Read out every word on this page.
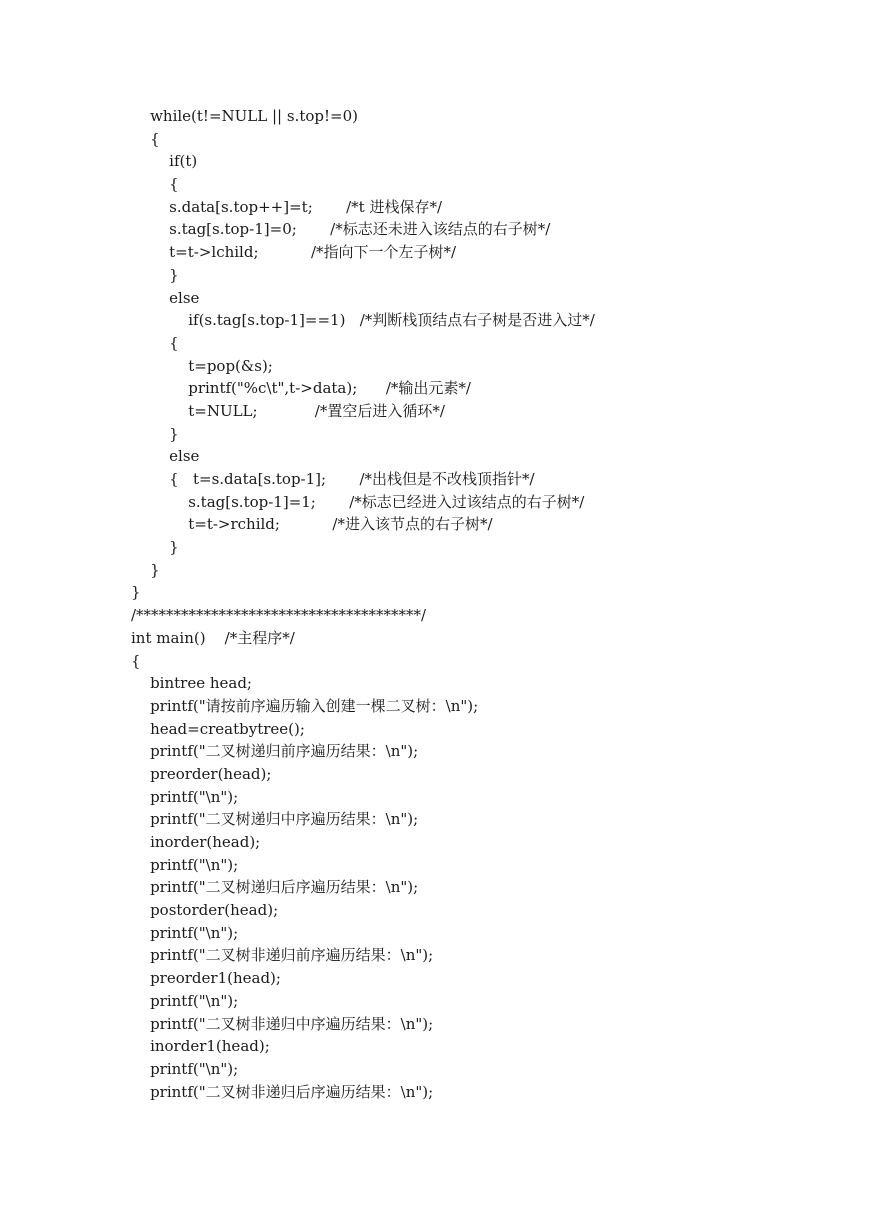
while(t!=NULL || s.top!=0)
{
if(t)
{
s.data[s.top++]=t;       /*t 进栈保存*/
s.tag[s.top-1]=0;       /*标志还未进入该结点的右子树*/
t=t->lchild;           /*指向下一个左子树*/
}
else
if(s.tag[s.top-1]==1)   /*判断栈顶结点右子树是否进入过*/
{
t=pop(&s);
printf("%c\t",t->data);      /*输出元素*/
t=NULL;            /*置空后进入循环*/
}
else
{   t=s.data[s.top-1];       /*出栈但是不改栈顶指针*/
s.tag[s.top-1]=1;       /*标志已经进入过该结点的右子树*/
t=t->rchild;           /*进入该节点的右子树*/
}
}
}
/**************************************/
int main()    /*主程序*/
{
bintree head;
printf("请按前序遍历输入创建一棵二叉树：\n");
head=creatbytree();
printf("二叉树递归前序遍历结果：\n");
preorder(head);
printf("\n");
printf("二叉树递归中序遍历结果：\n");
inorder(head);
printf("\n");
printf("二叉树递归后序遍历结果：\n");
postorder(head);
printf("\n");
printf("二叉树非递归前序遍历结果：\n");
preorder1(head);
printf("\n");
printf("二叉树非递归中序遍历结果：\n");
inorder1(head);
printf("\n");
printf("二叉树非递归后序遍历结果：\n");
